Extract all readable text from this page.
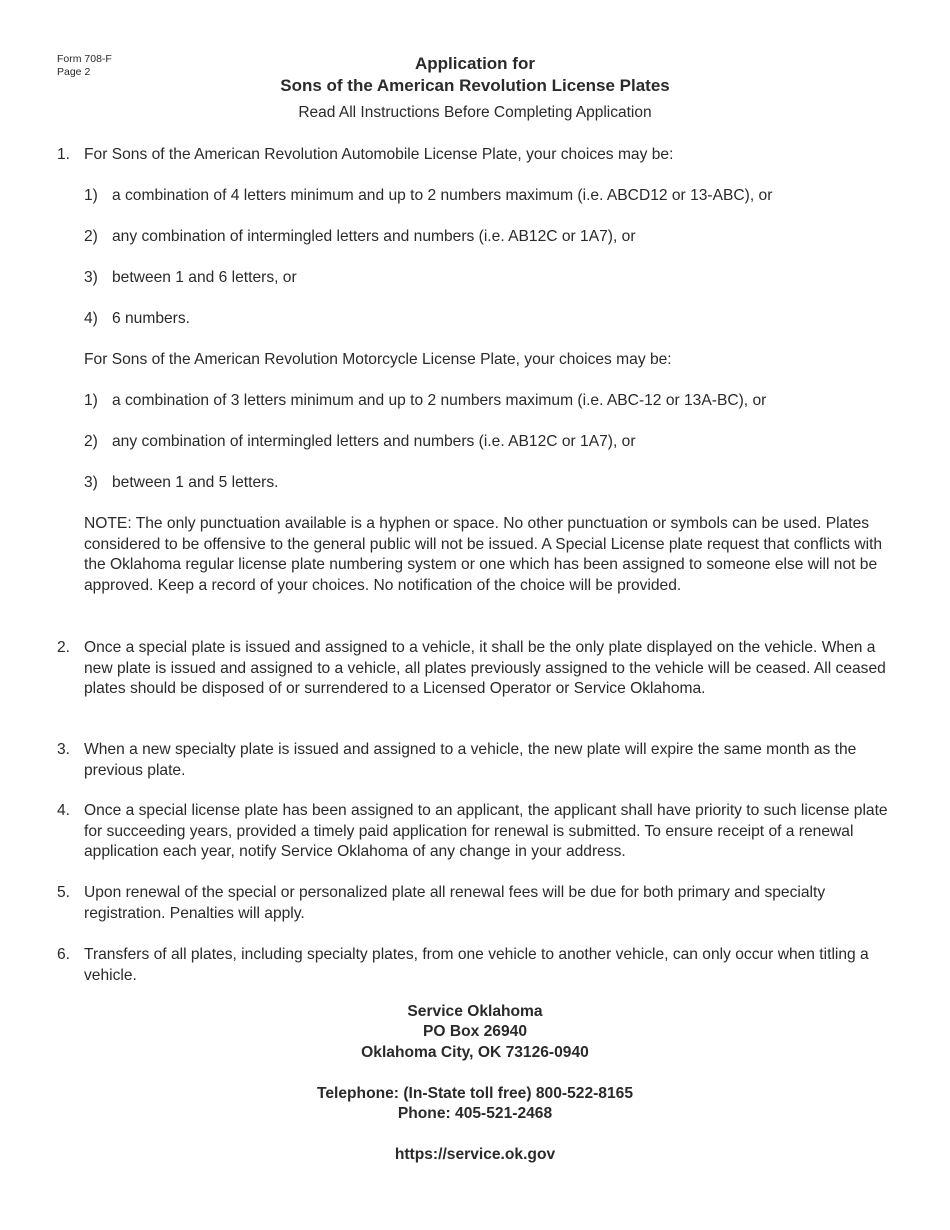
Form 708-F
Page 2	Application for
Sons of the American Revolution License Plates
Read All Instructions Before Completing Application
1. For Sons of the American Revolution Automobile License Plate, your choices may be:
1) a combination of 4 letters minimum and up to 2 numbers maximum (i.e. ABCD12 or 13-ABC), or
2) any combination of intermingled letters and numbers (i.e. AB12C or 1A7), or
3) between 1 and 6 letters, or
4) 6 numbers.
For Sons of the American Revolution Motorcycle License Plate, your choices may be:
1) a combination of 3 letters minimum and up to 2 numbers maximum (i.e. ABC-12 or 13A-BC), or
2) any combination of intermingled letters and numbers (i.e. AB12C or 1A7), or
3) between 1 and 5 letters.
NOTE: The only punctuation available is a hyphen or space. No other punctuation or symbols can be used. Plates considered to be offensive to the general public will not be issued. A Special License plate request that conflicts with the Oklahoma regular license plate numbering system or one which has been assigned to someone else will not be approved. Keep a record of your choices. No notification of the choice will be provided.
2. Once a special plate is issued and assigned to a vehicle, it shall be the only plate displayed on the vehicle. When a new plate is issued and assigned to a vehicle, all plates previously assigned to the vehicle will be ceased. All ceased plates should be disposed of or surrendered to a Licensed Operator or Service Oklahoma.
3. When a new specialty plate is issued and assigned to a vehicle, the new plate will expire the same month as the previous plate.
4. Once a special license plate has been assigned to an applicant, the applicant shall have priority to such license plate for succeeding years, provided a timely paid application for renewal is submitted. To ensure receipt of a renewal application each year, notify Service Oklahoma of any change in your address.
5. Upon renewal of the special or personalized plate all renewal fees will be due for both primary and specialty registration. Penalties will apply.
6. Transfers of all plates, including specialty plates, from one vehicle to another vehicle, can only occur when titling a vehicle.
Service Oklahoma
PO Box 26940
Oklahoma City, OK 73126-0940
Telephone: (In-State toll free) 800-522-8165
Phone: 405-521-2468
https://service.ok.gov
